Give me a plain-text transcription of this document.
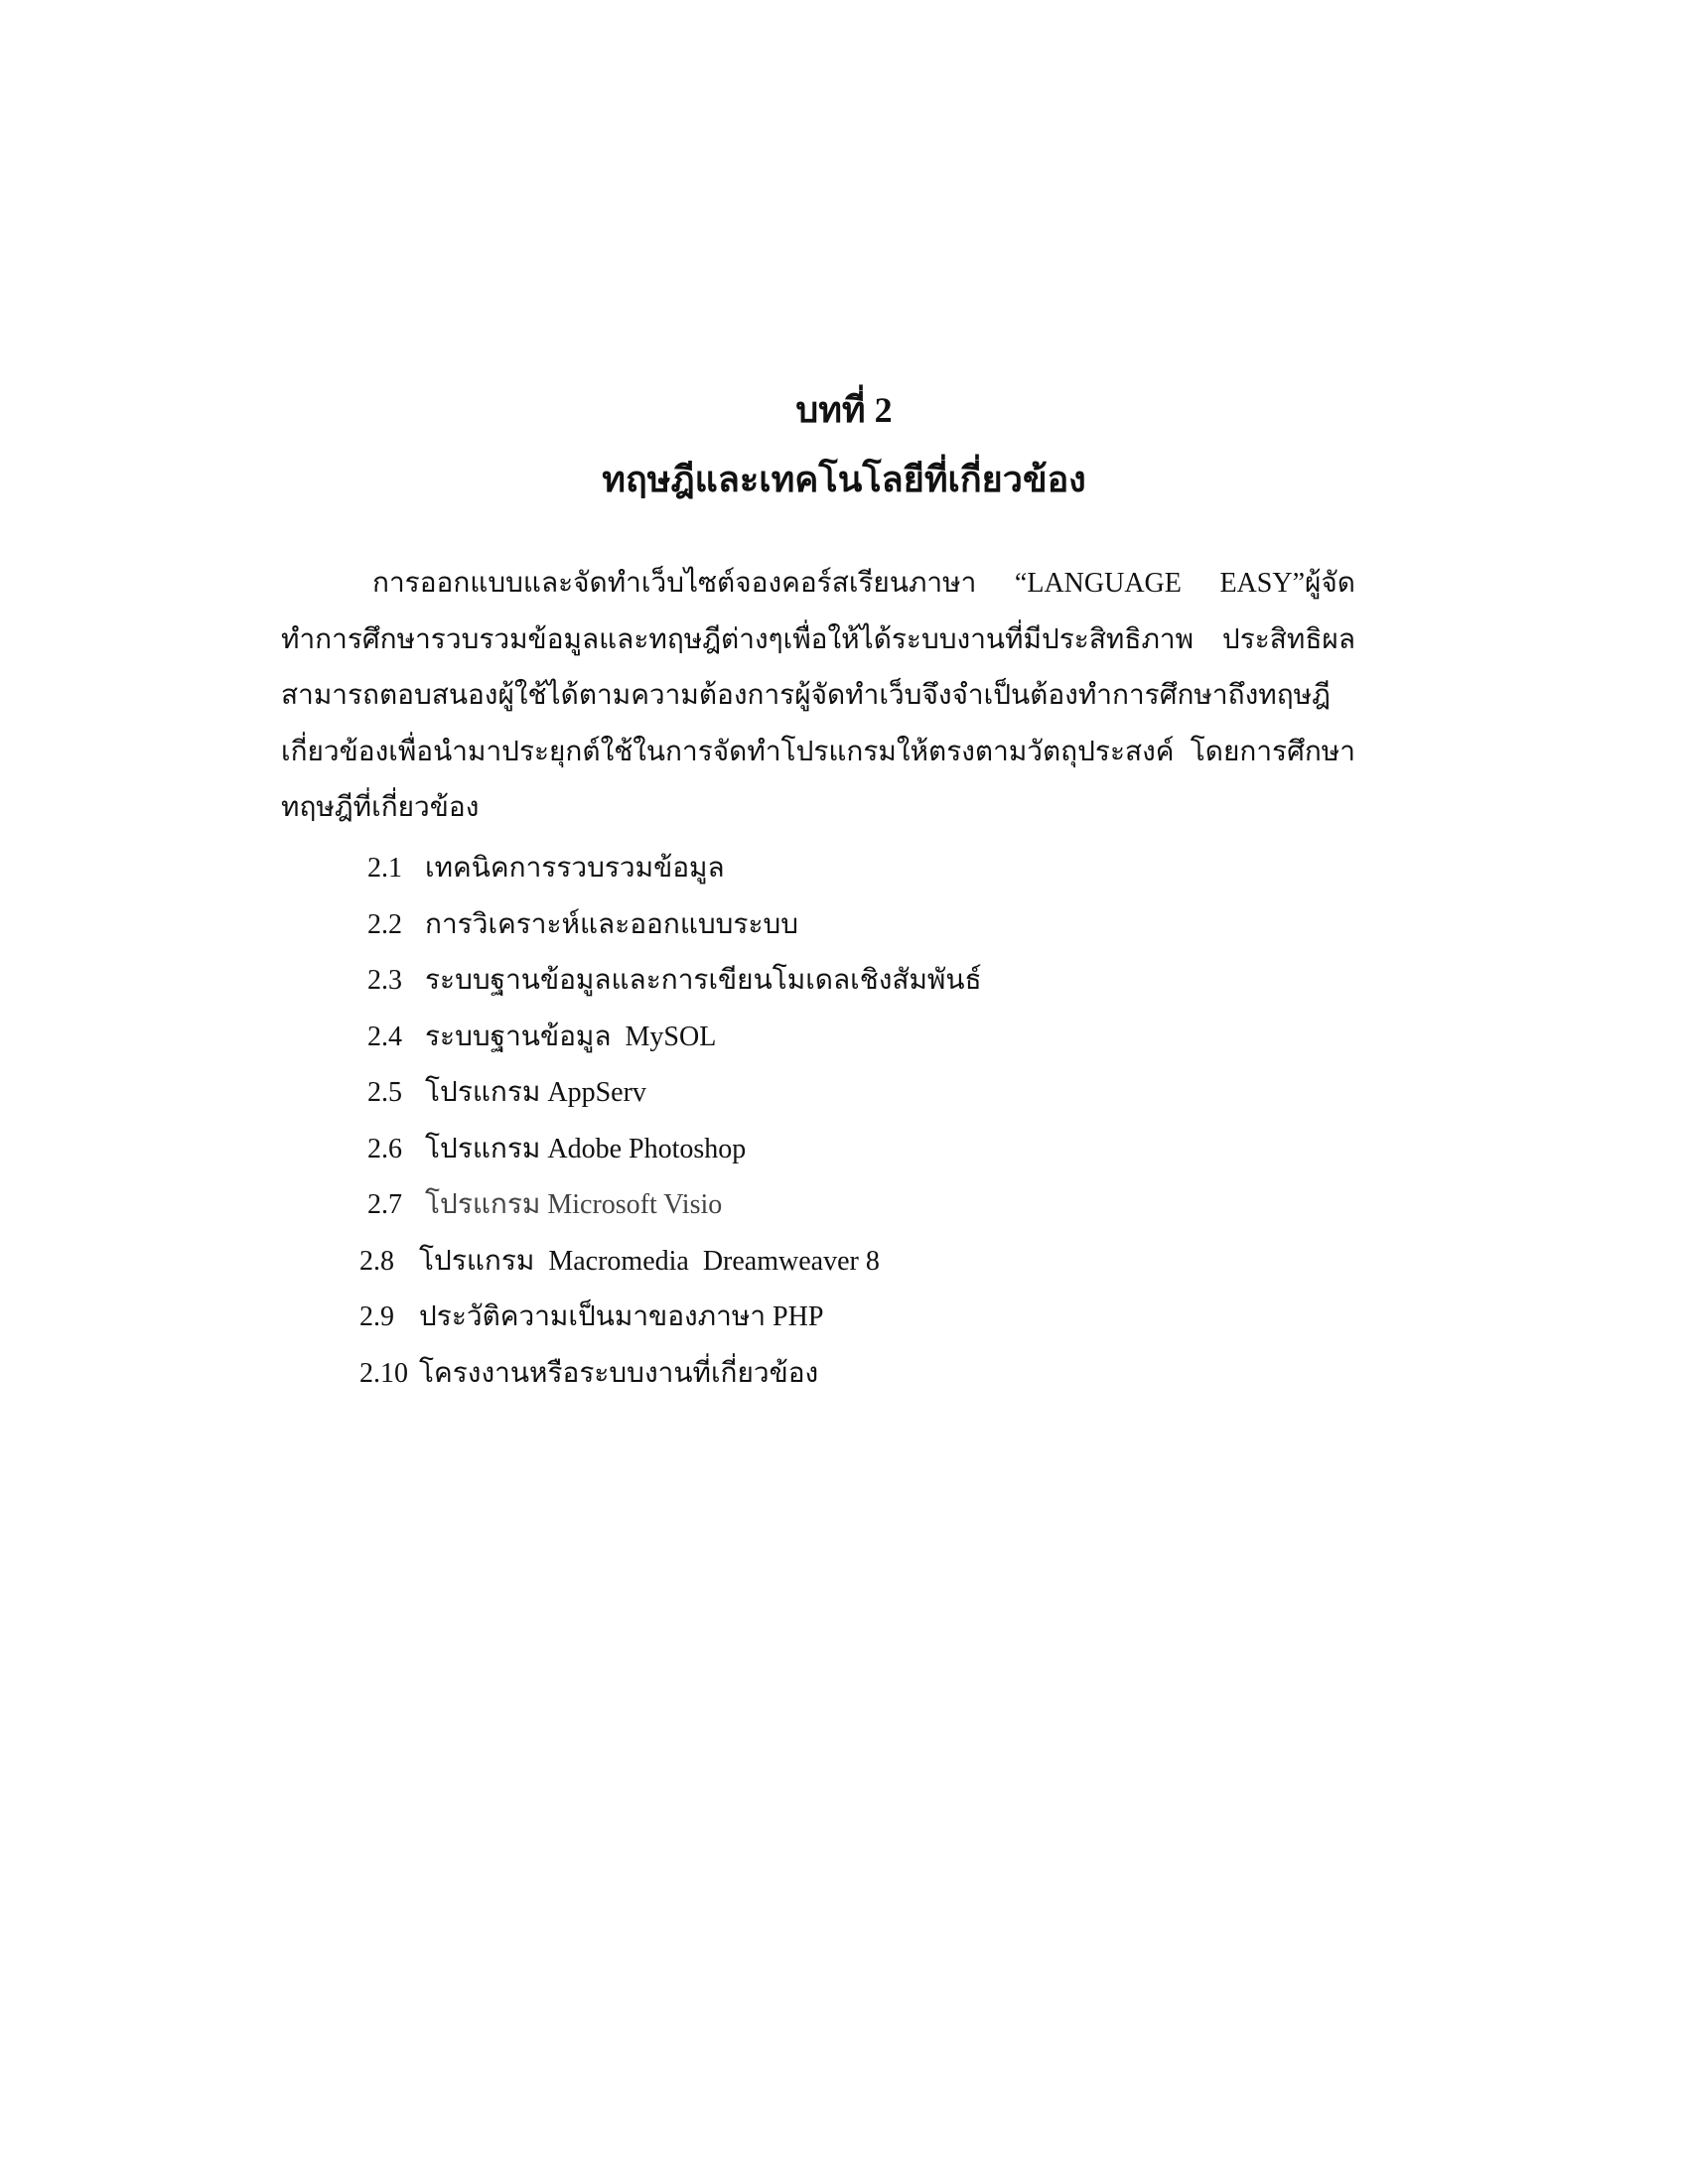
บทที่ 2
ทฤษฎีและเทคโนโลยีที่เกี่ยวข้อง
การออกแบบและจัดทำเว็บไซต์จองคอร์สเรียนภาษา “LANGUAGE EASY”ผู้จัด
ทำการศึกษารวบรวมข้อมูลและทฤษฎีต่างๆเพื่อให้ได้ระบบงานที่มีประสิทธิภาพ ประสิทธิผล
สามารถตอบสนองผู้ใช้ได้ตามความต้องการผู้จัดทำเว็บจึงจำเป็นต้องทำการศึกษาถึงทฤษฎี
เกี่ยวข้องเพื่อนำมาประยุกต์ใช้ในการจัดทำโปรแกรมให้ตรงตามวัตถุประสงค์ โดยการศึกษา
ทฤษฎีที่เกี่ยวข้อง
2.1 เทคนิคการรวบรวมข้อมูล
2.2 การวิเคราะห์และออกแบบระบบ
2.3 ระบบฐานข้อมูลและการเขียนโมเดลเชิงสัมพันธ์
2.4 ระบบฐานข้อมูล  MySOL
2.5 โปรแกรม AppServ
2.6 โปรแกรม Adobe Photoshop
2.7 โปรแกรม Microsoft Visio
2.8 โปรแกรม  Macromedia  Dreamweaver 8
2.9 ประวัติความเป็นมาของภาษา PHP
2.10 โครงงานหรือระบบงานที่เกี่ยวข้อง
